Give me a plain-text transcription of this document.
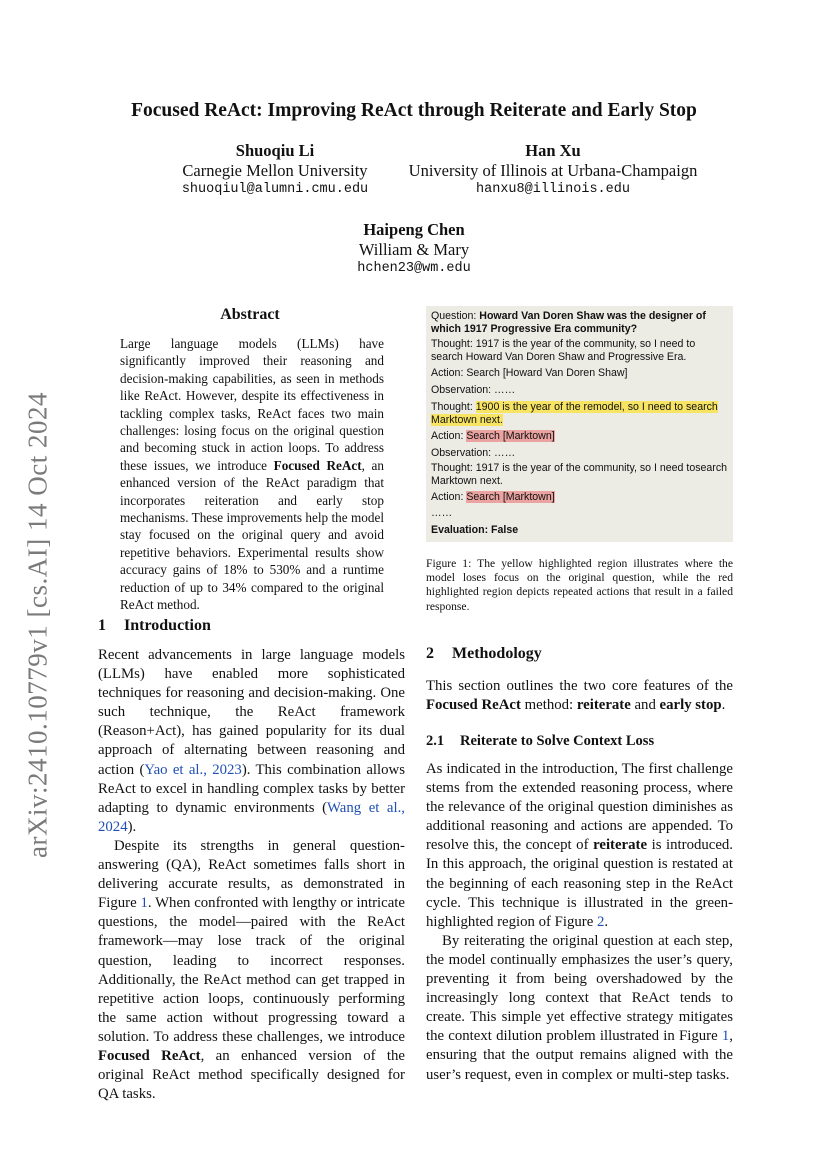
arXiv:2410.10779v1 [cs.AI] 14 Oct 2024
Focused ReAct: Improving ReAct through Reiterate and Early Stop
Shuoqiu Li
Carnegie Mellon University
shuoqiul@alumni.cmu.edu
Han Xu
University of Illinois at Urbana-Champaign
hanxu8@illinois.edu
Haipeng Chen
William & Mary
hchen23@wm.edu
Abstract
Large language models (LLMs) have significantly improved their reasoning and decision-making capabilities, as seen in methods like ReAct. However, despite its effectiveness in tackling complex tasks, ReAct faces two main challenges: losing focus on the original question and becoming stuck in action loops. To address these issues, we introduce Focused ReAct, an enhanced version of the ReAct paradigm that incorporates reiteration and early stop mechanisms. These improvements help the model stay focused on the original query and avoid repetitive behaviors. Experimental results show accuracy gains of 18% to 530% and a runtime reduction of up to 34% compared to the original ReAct method.
1 Introduction

Recent advancements in large language models (LLMs) have enabled more sophisticated techniques for reasoning and decision-making. One such technique, the ReAct framework (Reason+Act), has gained popularity for its dual approach of alternating between reasoning and action (Yao et al., 2023). This combination allows ReAct to excel in handling complex tasks by better adapting to dynamic environments (Wang et al., 2024).

Despite its strengths in general question-answering (QA), ReAct sometimes falls short in delivering accurate results, as demonstrated in Figure 1. When confronted with lengthy or intricate questions, the model—paired with the ReAct framework—may lose track of the original question, leading to incorrect responses. Additionally, the ReAct method can get trapped in repetitive action loops, continuously performing the same action without progressing toward a solution. To address these challenges, we introduce Focused ReAct, an enhanced version of the original ReAct method specifically designed for QA tasks.

Question: Howard Van Doren Shaw was the designer of which 1917 Progressive Era community?
Thought: 1917 is the year of the community, so I need to search Howard Van Doren Shaw and Progressive Era.
Action: Search [Howard Van Doren Shaw]
Observation: ……
Thought: 1900 is the year of the remodel, so I need to search Marktown next.
Action: Search [Marktown]
Observation: ……
Thought: 1917 is the year of the community, so I need tosearch Marktown next.
Action: Search [Marktown]
……
Evaluation: False
Figure 1: The yellow highlighted region illustrates where the model loses focus on the original question, while the red highlighted region depicts repeated actions that result in a failed response.
2 Methodology

This section outlines the two core features of the Focused ReAct method: reiterate and early stop.

2.1 Reiterate to Solve Context Loss

As indicated in the introduction, The first challenge stems from the extended reasoning process, where the relevance of the original question diminishes as additional reasoning and actions are appended. To resolve this, the concept of reiterate is introduced. In this approach, the original question is restated at the beginning of each reasoning step in the ReAct cycle. This technique is illustrated in the green-highlighted region of Figure 2.

By reiterating the original question at each step, the model continually emphasizes the user’s query, preventing it from being overshadowed by the increasingly long context that ReAct tends to create. This simple yet effective strategy mitigates the context dilution problem illustrated in Figure 1, ensuring that the output remains aligned with the user’s request, even in complex or multi-step tasks.
